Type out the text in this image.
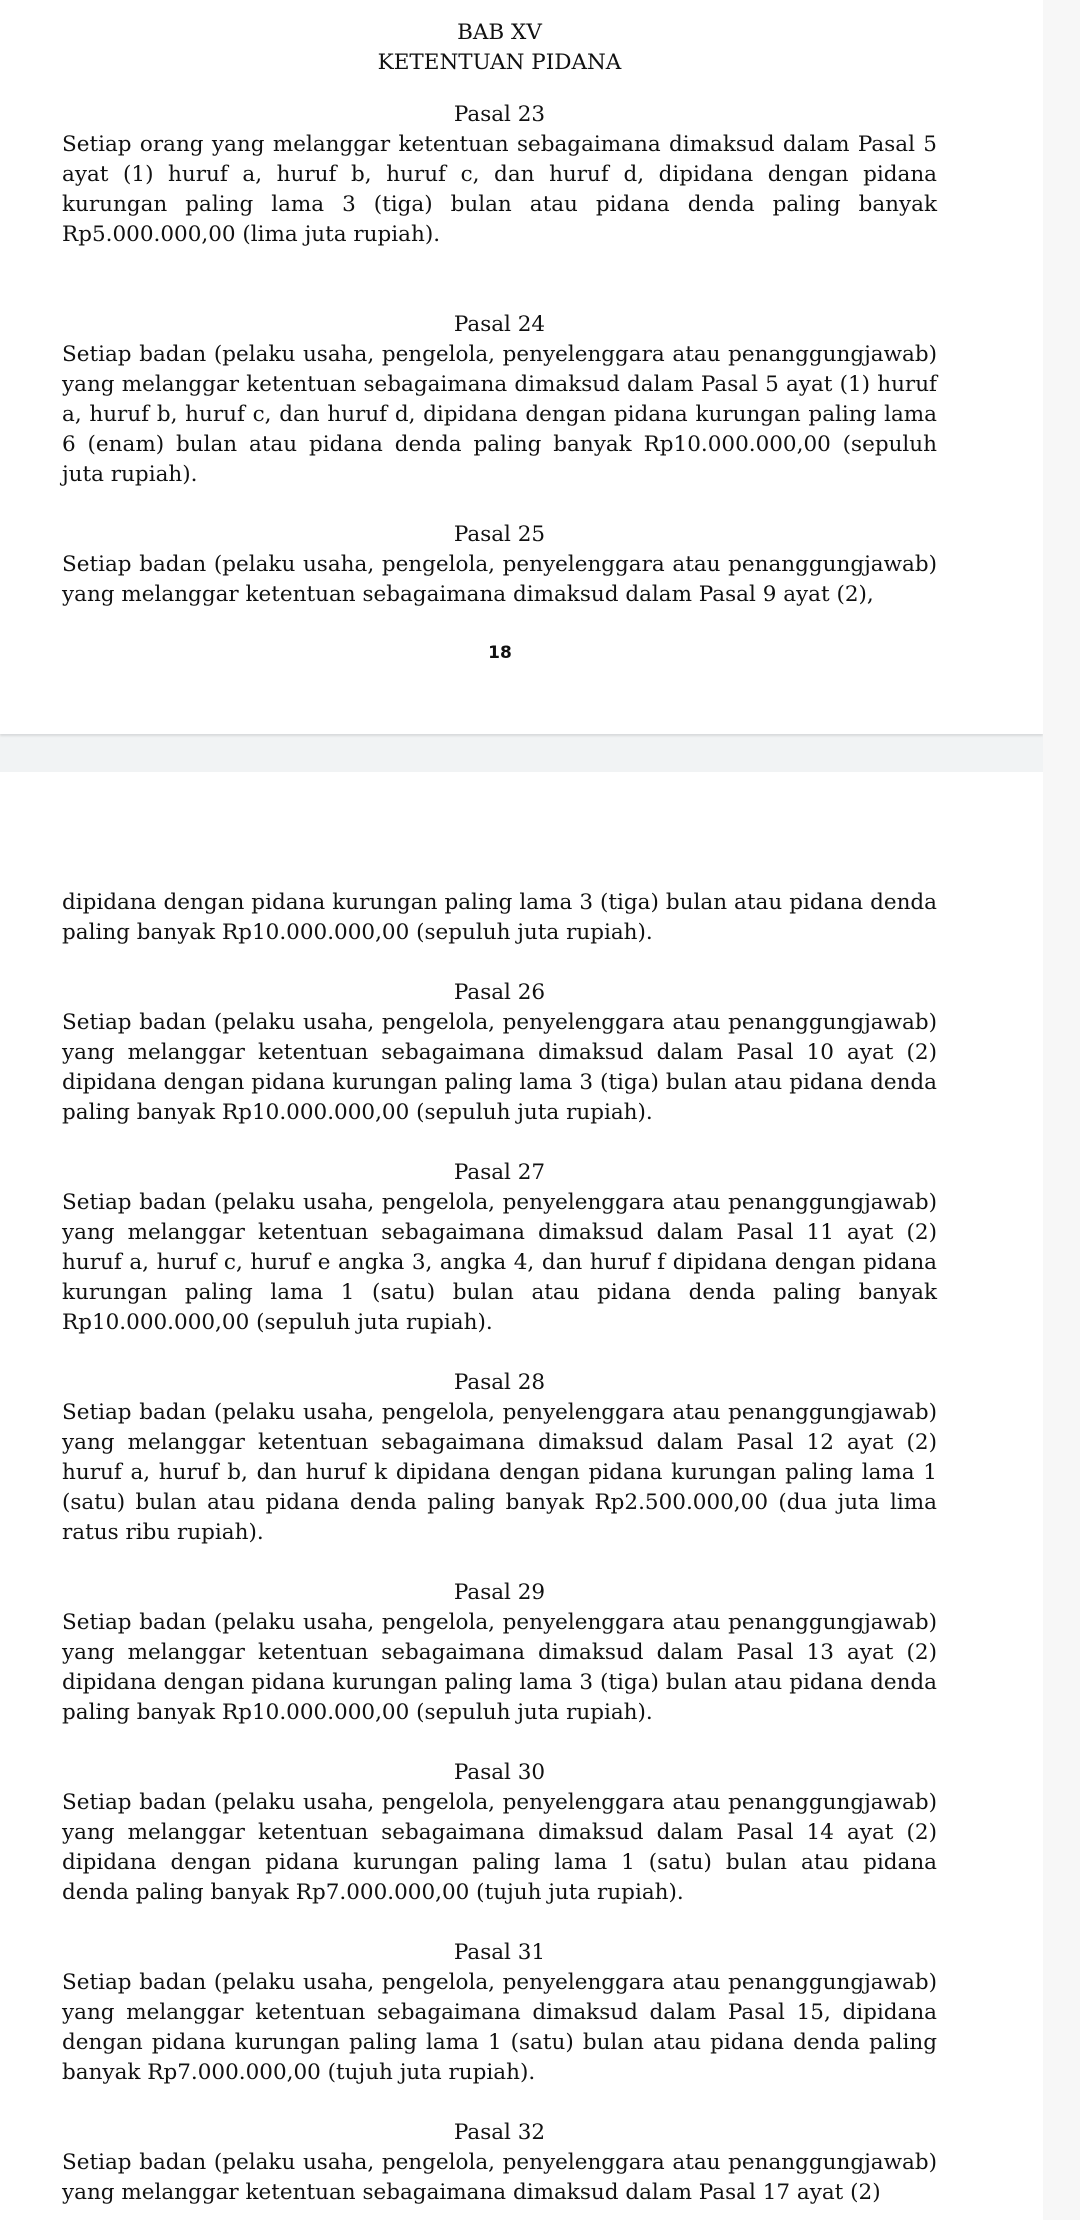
BAB XV

KETENTUAN PIDANA

Pasal 23

Setiap orang yang melanggar ketentuan sebagaimana dimaksud dalam Pasal 5 ayat (1) huruf a, huruf b, huruf c, dan huruf d, dipidana dengan pidana kurungan paling lama 3 (tiga) bulan atau pidana denda paling banyak Rp5.000.000,00 (lima juta rupiah).

Pasal 24

Setiap badan (pelaku usaha, pengelola, penyelenggara atau penanggungjawab) yang melanggar ketentuan sebagaimana dimaksud dalam Pasal 5 ayat (1) huruf a, huruf b, huruf c, dan huruf d, dipidana dengan pidana kurungan paling lama 6 (enam) bulan atau pidana denda paling banyak Rp10.000.000,00 (sepuluh juta rupiah).

Pasal 25

Setiap badan (pelaku usaha, pengelola, penyelenggara atau penanggungjawab) yang melanggar ketentuan sebagaimana dimaksud dalam Pasal 9 ayat (2),

18

dipidana dengan pidana kurungan paling lama 3 (tiga) bulan atau pidana denda paling banyak Rp10.000.000,00 (sepuluh juta rupiah).

Pasal 26

Setiap badan (pelaku usaha, pengelola, penyelenggara atau penanggungjawab) yang melanggar ketentuan sebagaimana dimaksud dalam Pasal 10 ayat (2) dipidana dengan pidana kurungan paling lama 3 (tiga) bulan atau pidana denda paling banyak Rp10.000.000,00 (sepuluh juta rupiah).

Pasal 27

Setiap badan (pelaku usaha, pengelola, penyelenggara atau penanggungjawab) yang melanggar ketentuan sebagaimana dimaksud dalam Pasal 11 ayat (2) huruf a, huruf c, huruf e angka 3, angka 4, dan huruf f dipidana dengan pidana kurungan paling lama 1 (satu) bulan atau pidana denda paling banyak Rp10.000.000,00 (sepuluh juta rupiah).

Pasal 28

Setiap badan (pelaku usaha, pengelola, penyelenggara atau penanggungjawab) yang melanggar ketentuan sebagaimana dimaksud dalam Pasal 12 ayat (2) huruf a, huruf b, dan huruf k dipidana dengan pidana kurungan paling lama 1 (satu) bulan atau pidana denda paling banyak Rp2.500.000,00 (dua juta lima ratus ribu rupiah).

Pasal 29

Setiap badan (pelaku usaha, pengelola, penyelenggara atau penanggungjawab) yang melanggar ketentuan sebagaimana dimaksud dalam Pasal 13 ayat (2) dipidana dengan pidana kurungan paling lama 3 (tiga) bulan atau pidana denda paling banyak Rp10.000.000,00 (sepuluh juta rupiah).

Pasal 30

Setiap badan (pelaku usaha, pengelola, penyelenggara atau penanggungjawab) yang melanggar ketentuan sebagaimana dimaksud dalam Pasal 14 ayat (2) dipidana dengan pidana kurungan paling lama 1 (satu) bulan atau pidana denda paling banyak Rp7.000.000,00 (tujuh juta rupiah).

Pasal 31

Setiap badan (pelaku usaha, pengelola, penyelenggara atau penanggungjawab) yang melanggar ketentuan sebagaimana dimaksud dalam Pasal 15, dipidana dengan pidana kurungan paling lama 1 (satu) bulan atau pidana denda paling banyak Rp7.000.000,00 (tujuh juta rupiah).

Pasal 32

Setiap badan (pelaku usaha, pengelola, penyelenggara atau penanggungjawab) yang melanggar ketentuan sebagaimana dimaksud dalam Pasal 17 ayat (2)
